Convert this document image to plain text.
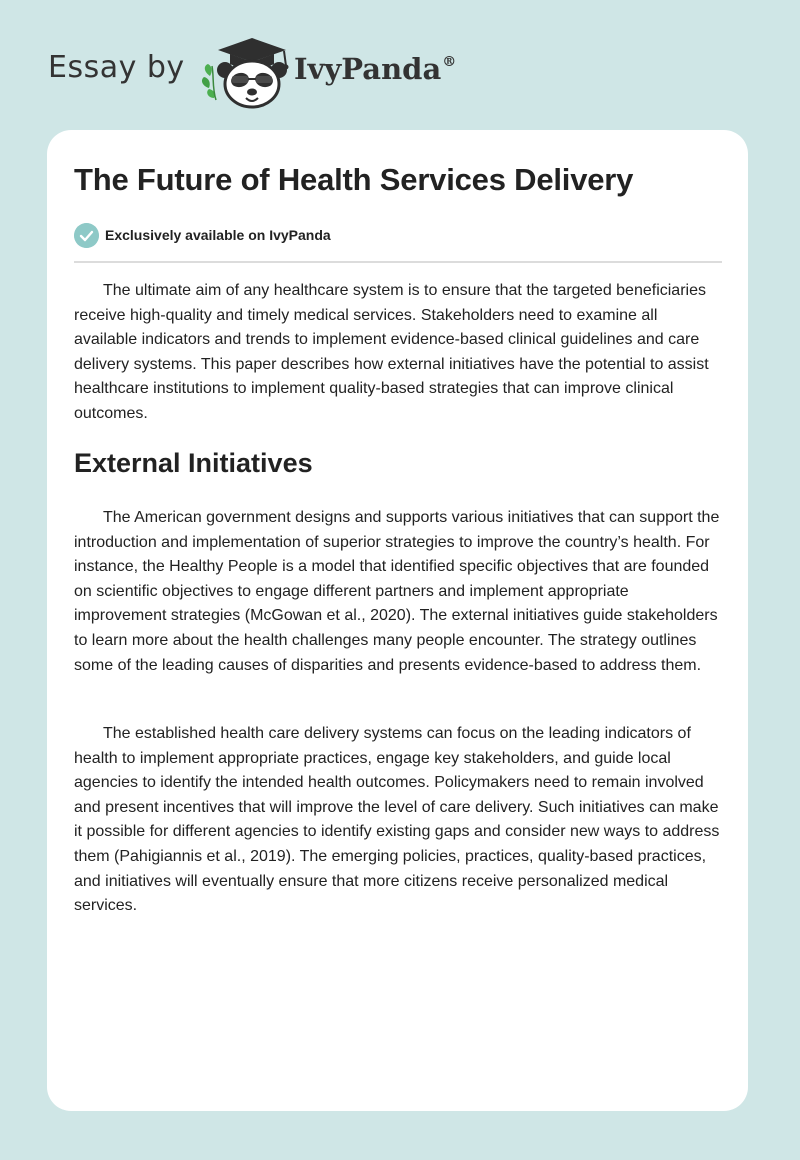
Essay by	IvyPanda®
The Future of Health Services Delivery
Exclusively available on IvyPanda

The ultimate aim of any healthcare system is to ensure that the targeted beneficiaries receive high-quality and timely medical services. Stakeholders need to examine all available indicators and trends to implement evidence-based clinical guidelines and care delivery systems. This paper describes how external initiatives have the potential to assist healthcare institutions to implement quality-based strategies that can improve clinical outcomes.

External Initiatives

The American government designs and supports various initiatives that can support the introduction and implementation of superior strategies to improve the country’s health. For instance, the Healthy People is a model that identified specific objectives that are founded on scientific objectives to engage different partners and implement appropriate improvement strategies (McGowan et al., 2020). The external initiatives guide stakeholders to learn more about the health challenges many people encounter. The strategy outlines some of the leading causes of disparities and presents evidence-based to address them.

The established health care delivery systems can focus on the leading indicators of health to implement appropriate practices, engage key stakeholders, and guide local agencies to identify the intended health outcomes. Policymakers need to remain involved and present incentives that will improve the level of care delivery. Such initiatives can make it possible for different agencies to identify existing gaps and consider new ways to address them (Pahigiannis et al., 2019). The emerging policies, practices, quality-based practices, and initiatives will eventually ensure that more citizens receive personalized medical services.
